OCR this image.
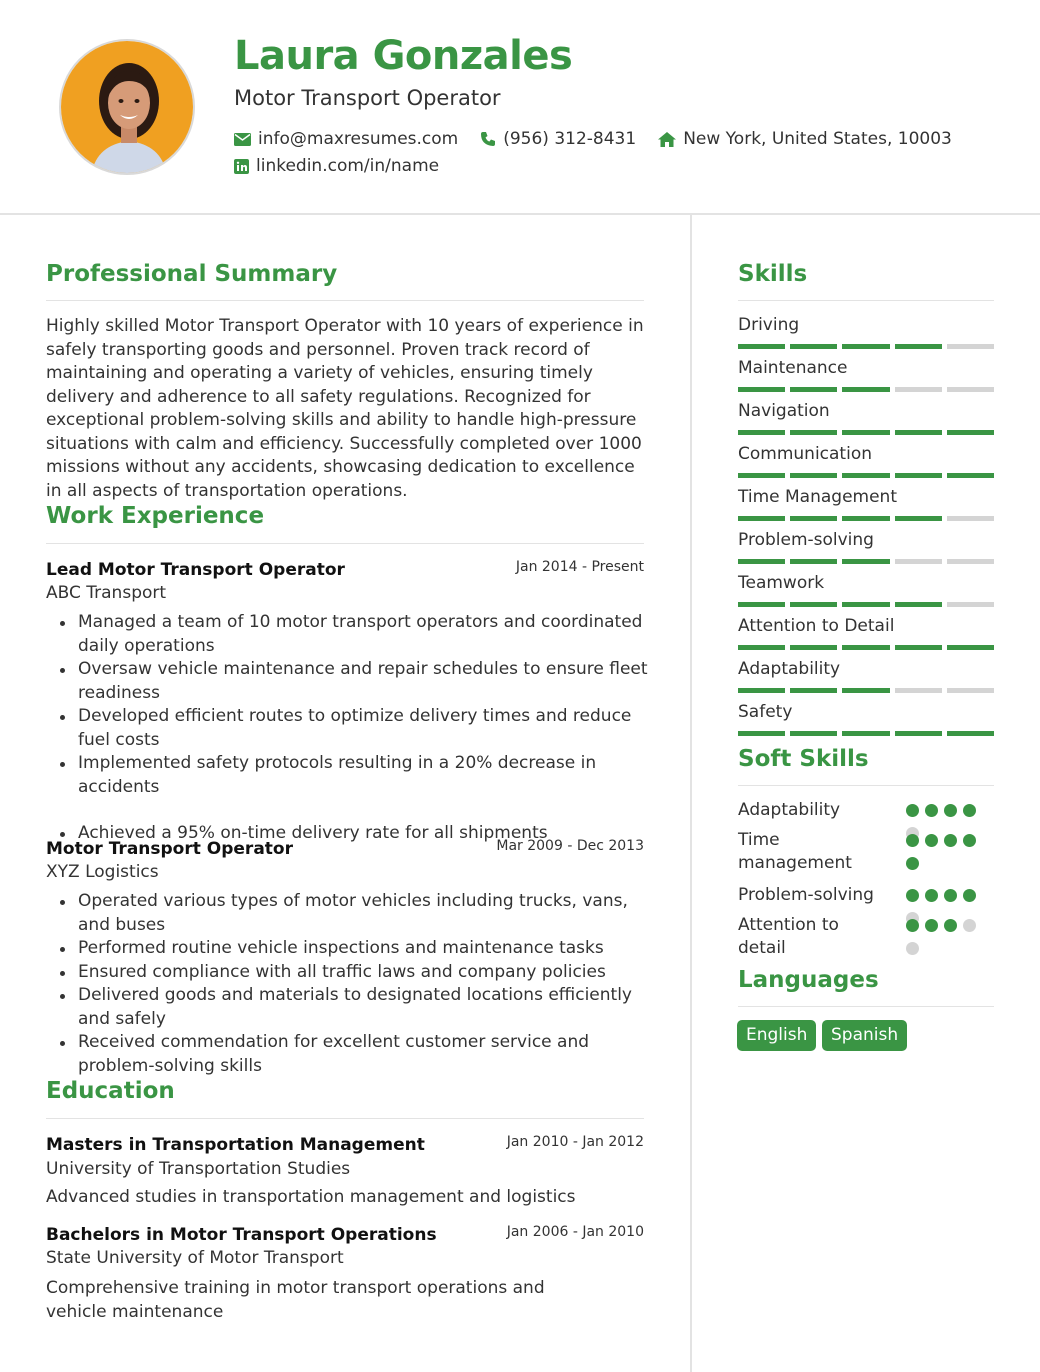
Laura Gonzales
Motor Transport Operator
info@maxresumes.com	(956) 312-8431	New York, United States, 10003
linkedin.com/in/name
Professional Summary
Highly skilled Motor Transport Operator with 10 years of experience in safely transporting goods and personnel. Proven track record of maintaining and operating a variety of vehicles, ensuring timely delivery and adherence to all safety regulations. Recognized for exceptional problem-solving skills and ability to handle high-pressure situations with calm and efficiency. Successfully completed over 1000 missions without any accidents, showcasing dedication to excellence in all aspects of transportation operations.
Work Experience
Lead Motor Transport Operator	Jan 2014 - Present
ABC Transport
Managed a team of 10 motor transport operators and coordinated daily operations
Oversaw vehicle maintenance and repair schedules to ensure fleet readiness
Developed efficient routes to optimize delivery times and reduce fuel costs
Implemented safety protocols resulting in a 20% decrease in accidents
Achieved a 95% on-time delivery rate for all shipments
Motor Transport Operator	Mar 2009 - Dec 2013
XYZ Logistics
Operated various types of motor vehicles including trucks, vans, and buses
Performed routine vehicle inspections and maintenance tasks
Ensured compliance with all traffic laws and company policies
Delivered goods and materials to designated locations efficiently and safely
Received commendation for excellent customer service and problem-solving skills
Education
Masters in Transportation Management	Jan 2010 - Jan 2012
University of Transportation Studies
Advanced studies in transportation management and logistics
Bachelors in Motor Transport Operations	Jan 2006 - Jan 2010
State University of Motor Transport
Comprehensive training in motor transport operations and vehicle maintenance
Skills
Driving
Maintenance
Navigation
Communication
Time Management
Problem-solving
Teamwork
Attention to Detail
Adaptability
Safety
Soft Skills
Adaptability
Time management
Problem-solving
Attention to detail
Languages
English	Spanish
